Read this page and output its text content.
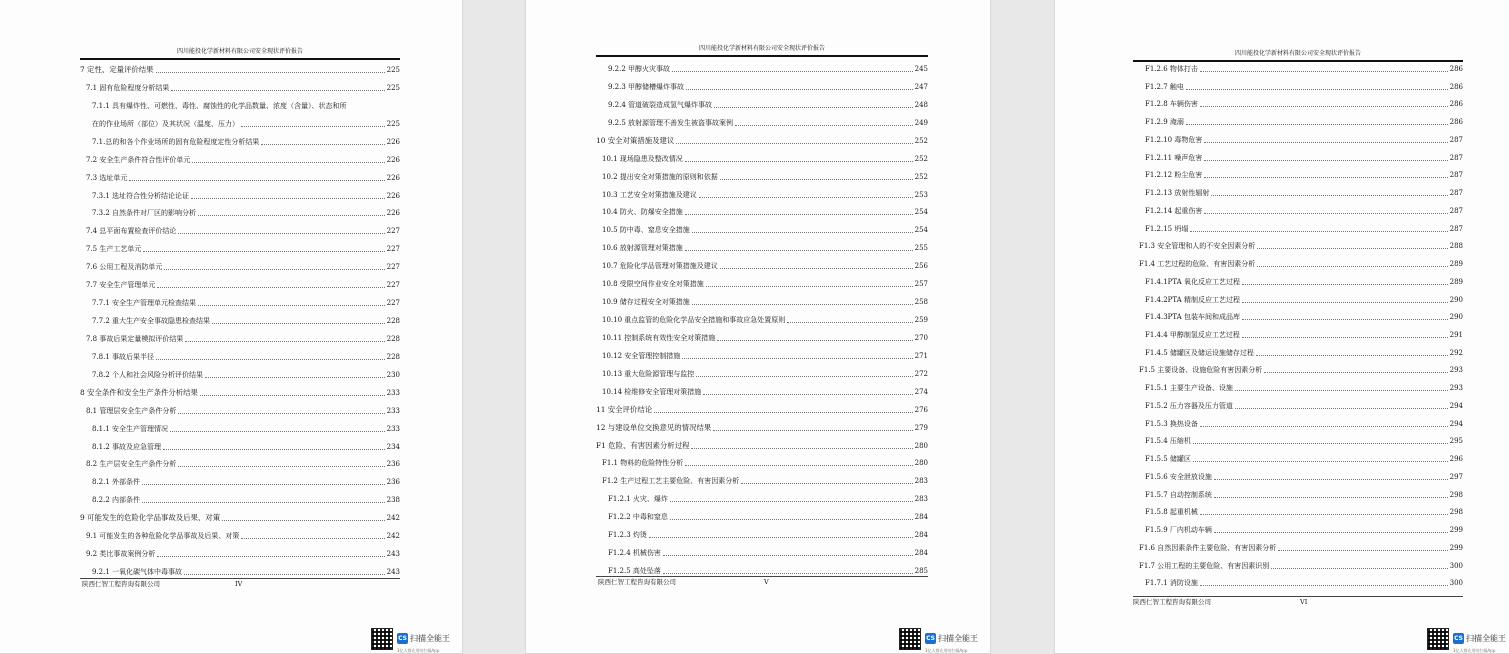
四川能投化学新材料有限公司安全现状评价报告
7 定性、定量评价结果	225
7.1 固有危险程度分析结果	225
7.1.1 具有爆炸性、可燃性、毒性、腐蚀性的化学品数量、浓度（含量）、状态和所
在的作业场所（部位）及其状况（温度、压力）	225
7.1.总的和各个作业场所的固有危险程度定性分析结果	226
7.2 安全生产条件符合性评价单元	226
7.3 选址单元	226
7.3.1 选址符合性分析结论论证	226
7.3.2 自然条件对厂区的影响分析	226
7.4 总平面布置检查评价结论	227
7.5 生产工艺单元	227
7.6 公用工程及消防单元	227
7.7 安全生产管理单元	227
7.7.1 安全生产管理单元检查结果	227
7.7.2 重大生产安全事故隐患检查结果	228
7.8 事故后果定量模拟评价结果	228
7.8.1 事故后果半径	228
7.8.2 个人和社会风险分析评价结果	230
8 安全条件和安全生产条件分析结果	233
8.1 管理层安全生产条件分析	233
8.1.1 安全生产管理情况	233
8.1.2 事故及应急管理	234
8.2 生产层安全生产条件分析	236
8.2.1 外部条件	236
8.2.2 内部条件	238
9 可能发生的危险化学品事故及后果、对策	242
9.1 可能发生的各种危险化学品事故及后果、对策	242
9.2 类比事故案例分析	243
9.2.1 一氧化碳气体中毒事故	243
陕西仁智工程咨询有限公司	IV
CS 扫描全能王
3亿人都在用的扫描App
四川能投化学新材料有限公司安全现状评价报告
9.2.2 甲醇火灾事故	245
9.2.3 甲醇储槽爆炸事故	247
9.2.4 管道破裂造成氢气爆炸事故	248
9.2.5 放射源管理不善发生被盗事故案例	249
10 安全对策措施及建议	252
10.1 现场隐患及整改情况	252
10.2 提出安全对策措施的原则和依据	252
10.3 工艺安全对策措施及建议	253
10.4 防火、防爆安全措施	254
10.5 防中毒、窒息安全措施	254
10.6 放射源管理对策措施	255
10.7 危险化学品管理对策措施及建议	256
10.8 受限空间作业安全对策措施	257
10.9 储存过程安全对策措施	258
10.10 重点监管的危险化学品安全措施和事故应急处置原则	259
10.11 控制系统有效性安全对策措施	270
10.12 安全管理控制措施	271
10.13 重大危险源管理与监控	272
10.14 检维修安全管理对策措施	274
11 安全评价结论	276
12 与建设单位交换意见的情况结果	279
F1 危险、有害因素分析过程	280
F1.1 物料的危险特性分析	280
F1.2 生产过程工艺主要危险、有害因素分析	283
F1.2.1 火灾、爆炸	283
F1.2.2 中毒和窒息	284
F1.2.3 灼烫	284
F1.2.4 机械伤害	284
F1.2.5 高处坠落	285
陕西仁智工程咨询有限公司	V
CS 扫描全能王
3亿人都在用的扫描App
四川能投化学新材料有限公司安全现状评价报告
F1.2.6 物体打击	286
F1.2.7 触电	286
F1.2.8 车辆伤害	286
F1.2.9 淹溺	286
F1.2.10 毒物危害	287
F1.2.11 噪声危害	287
F1.2.12 粉尘危害	287
F1.2.13 放射性辐射	287
F1.2.14 起重伤害	287
F1.2.15 坍塌	287
F1.3 安全管理和人的不安全因素分析	288
F1.4 工艺过程的危险、有害因素分析	289
F1.4.1PTA 氧化反应工艺过程	289
F1.4.2PTA 精制反应工艺过程	290
F1.4.3PTA 包装车间和成品库	290
F1.4.4 甲醇制氢反应工艺过程	291
F1.4.5 储罐区及储运设施储存过程	292
F1.5 主要设备、设施危险有害因素分析	293
F1.5.1 主要生产设备、设施	293
F1.5.2 压力容器及压力管道	294
F1.5.3 换热设备	294
F1.5.4 压缩机	295
F1.5.5 储罐区	296
F1.5.6 安全泄放设施	297
F1.5.7 自动控制系统	298
F1.5.8 起重机械	298
F1.5.9 厂内机动车辆	299
F1.6 自然因素条件主要危险、有害因素分析	299
F1.7 公用工程的主要危险、有害因素识别	300
F1.7.1 消防设施	300
陕西仁智工程咨询有限公司	VI
CS 扫描全能王
3亿人都在用的扫描App
